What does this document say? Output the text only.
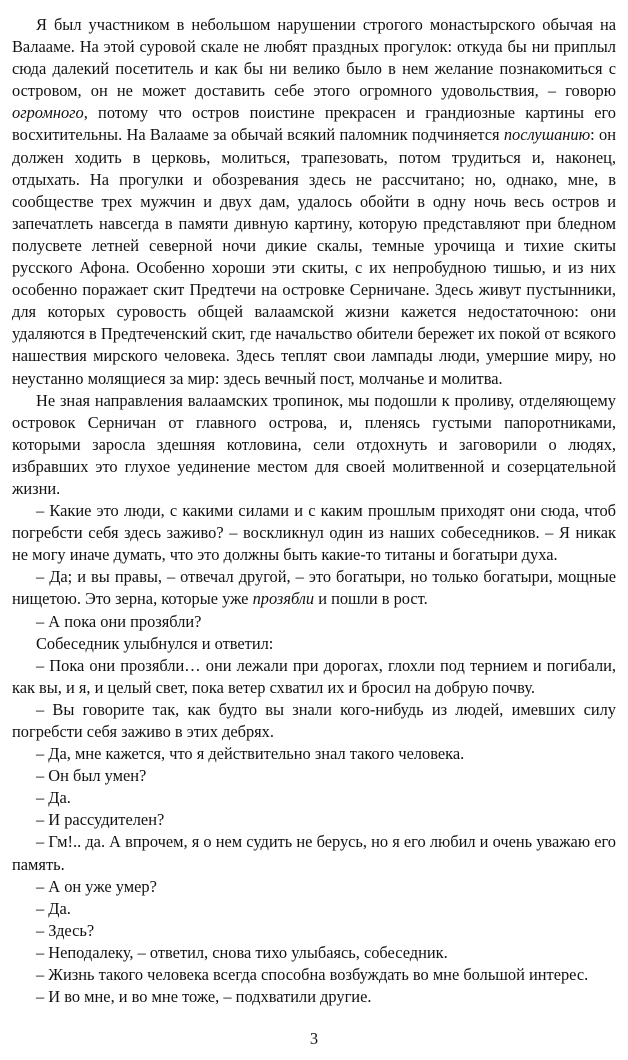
Я был участником в небольшом нарушении строгого монастырского обычая на Валааме. На этой суровой скале не любят праздных прогулок: откуда бы ни приплыл сюда далекий посетитель и как бы ни велико было в нем желание познакомиться с островом, он не может доставить себе этого огромного удовольствия, – говорю огромного, потому что остров поистине прекрасен и грандиозные картины его восхитительны. На Валааме за обычай всякий паломник подчиняется послушанию: он должен ходить в церковь, молиться, трапезовать, потом трудиться и, наконец, отдыхать. На прогулки и обозревания здесь не рассчитано; но, однако, мне, в сообществе трех мужчин и двух дам, удалось обойти в одну ночь весь остров и запечатлеть навсегда в памяти дивную картину, которую представляют при бледном полусвете летней северной ночи дикие скалы, темные урочища и тихие скиты русского Афона. Особенно хороши эти скиты, с их непробудною тишью, и из них особенно поражает скит Предтечи на островке Серничане. Здесь живут пустынники, для которых суровость общей валаамской жизни кажется недостаточною: они удаляются в Предтеченский скит, где начальство обители бережет их покой от всякого нашествия мирского человека. Здесь теплят свои лампады люди, умершие миру, но неустанно молящиеся за мир: здесь вечный пост, молчанье и молитва.

Не зная направления валаамских тропинок, мы подошли к проливу, отделяющему островок Серничан от главного острова, и, пленясь густыми папоротниками, которыми заросла здешняя котловина, сели отдохнуть и заговорили о людях, избравших это глухое уединение местом для своей молитвенной и созерцательной жизни.

– Какие это люди, с какими силами и с каким прошлым приходят они сюда, чтоб погребсти себя здесь заживо? – воскликнул один из наших собеседников. – Я никак не могу иначе думать, что это должны быть какие-то титаны и богатыри духа.

– Да; и вы правы, – отвечал другой, – это богатыри, но только богатыри, мощные нищетою. Это зерна, которые уже прозябли и пошли в рост.

– А пока они прозябли?

Собеседник улыбнулся и ответил:

– Пока они прозябли… они лежали при дорогах, глохли под тернием и погибали, как вы, и я, и целый свет, пока ветер схватил их и бросил на добрую почву.

– Вы говорите так, как будто вы знали кого-нибудь из людей, имевших силу погребсти себя заживо в этих дебрях.

– Да, мне кажется, что я действительно знал такого человека.

– Он был умен?

– Да.

– И рассудителен?

– Гм!.. да. А впрочем, я о нем судить не берусь, но я его любил и очень уважаю его память.

– А он уже умер?

– Да.

– Здесь?

– Неподалеку, – ответил, снова тихо улыбаясь, собеседник.

– Жизнь такого человека всегда способна возбуждать во мне большой интерес.

– И во мне, и во мне тоже, – подхватили другие.

3
